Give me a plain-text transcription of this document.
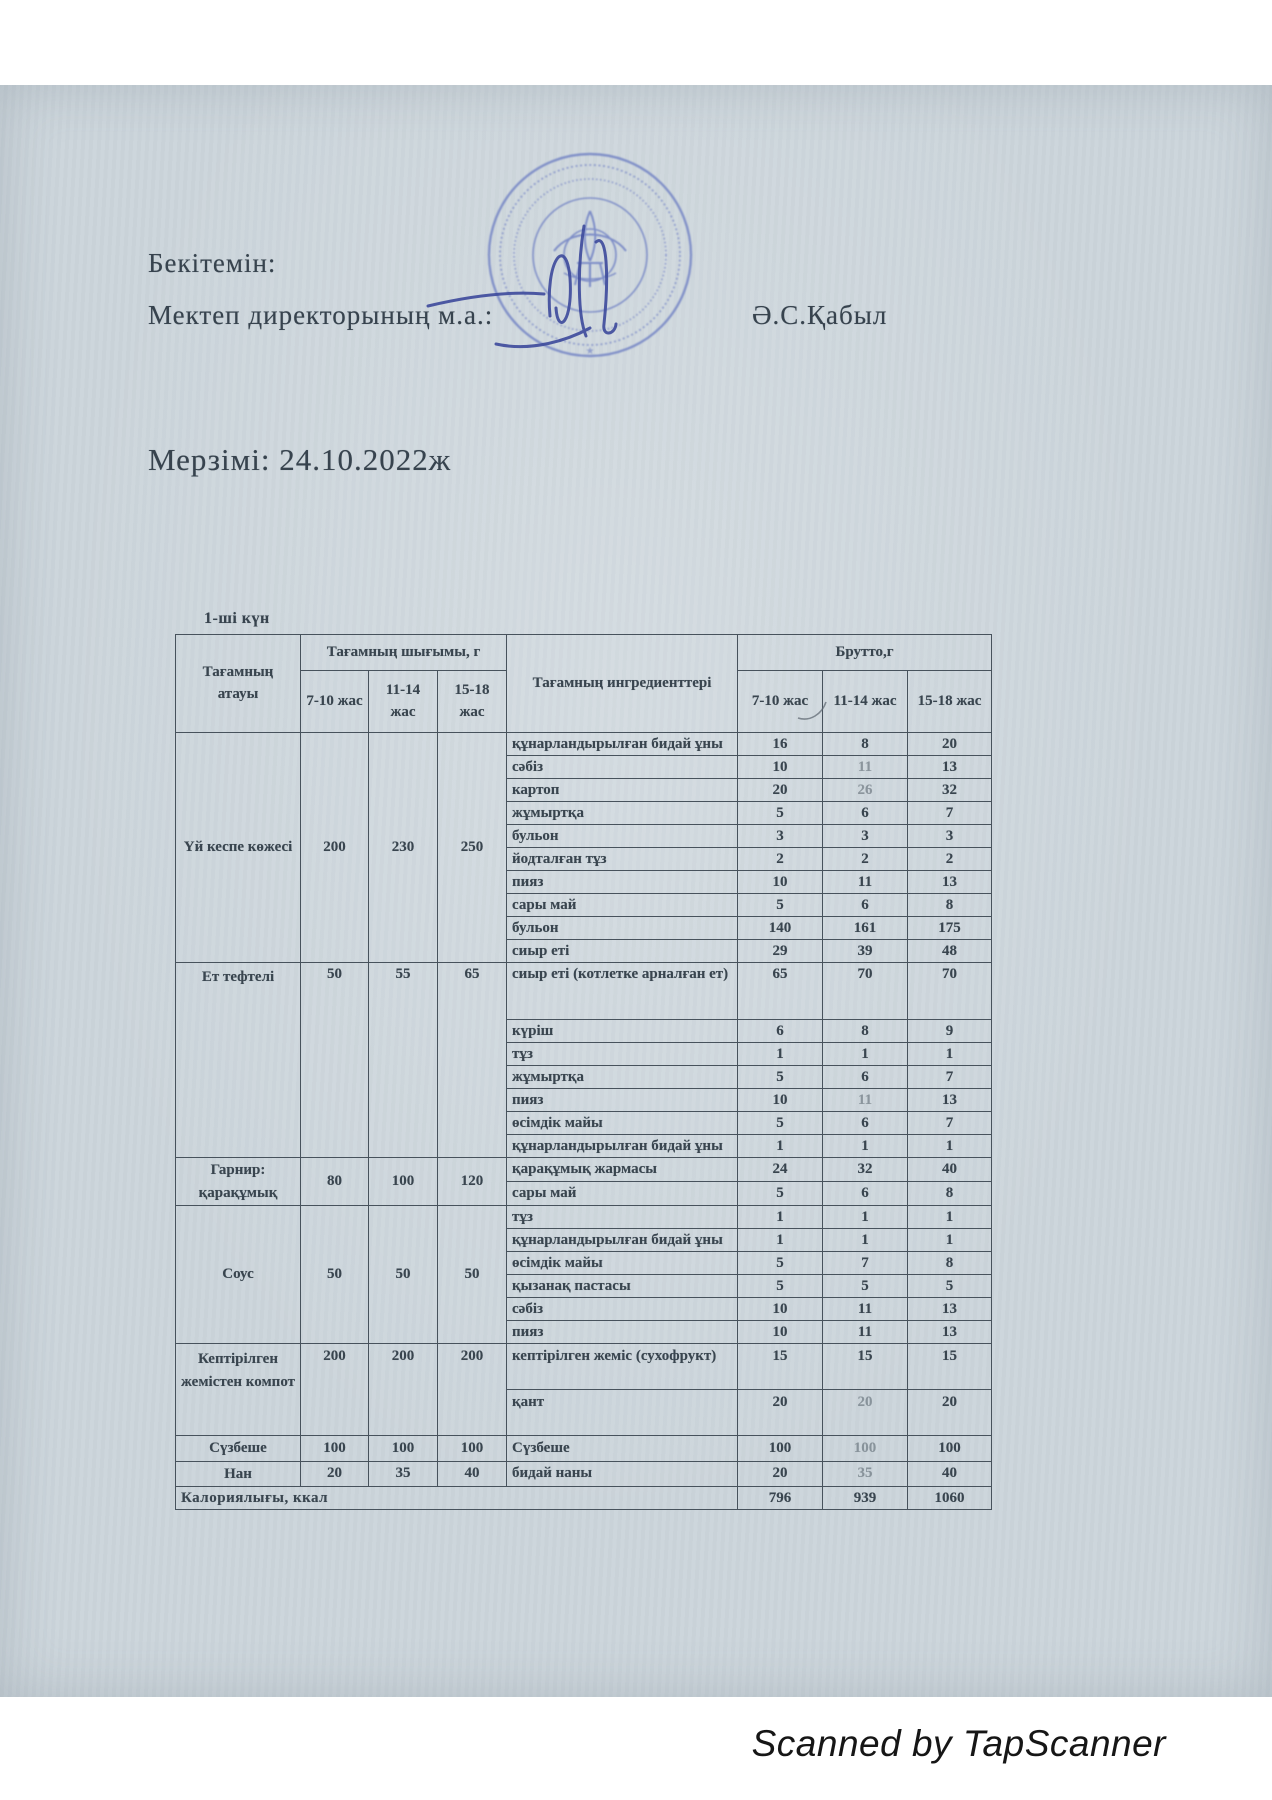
Бекітемін:
Мектеп директорының м.а.:	Ә.С.Қабыл
★
Мерзімі: 24.10.2022ж
1-ші күн
Тағамның атауы	Тағамның шығымы, г			Тағамның ингредиенттері	Брутто,г		
	7-10 жас	11-14 жас	15-18 жас		7-10 жас	11-14 жас	15-18 жас
Үй кеспе көжесі	200	230	250	құнарландырылған бидай ұны	16	8	20
				сәбіз	10	11	13
				картоп	20	26	32
				жұмыртқа	5	6	7
				бульон	3	3	3
				йодталған тұз	2	2	2
				пияз	10	11	13
				сары май	5	6	8
				бульон	140	161	175
				сиыр еті	29	39	48
Ет тефтелі	50	55	65	сиыр еті (котлетке арналған ет)	65	70	70
				күріш	6	8	9
				тұз	1	1	1
				жұмыртқа	5	6	7
				пияз	10	11	13
				өсімдік майы	5	6	7
				құнарландырылған бидай ұны	1	1	1
Гарнир: қарақұмық	80	100	120	қарақұмық жармасы	24	32	40
				сары май	5	6	8
Соус	50	50	50	тұз	1	1	1
				құнарландырылған бидай ұны	1	1	1
				өсімдік майы	5	7	8
				қызанақ пастасы	5	5	5
				сәбіз	10	11	13
				пияз	10	11	13
Кептірілген жемістен компот	200	200	200	кептірілген жеміс (сухофрукт)	15	15	15
				қант	20	20	20
Сүзбеше	100	100	100	Сүзбеше	100	100	100
Нан	20	35	40	бидай наны	20	35	40
Калориялығы, ккал					796	939	1060
Scanned by TapScanner
